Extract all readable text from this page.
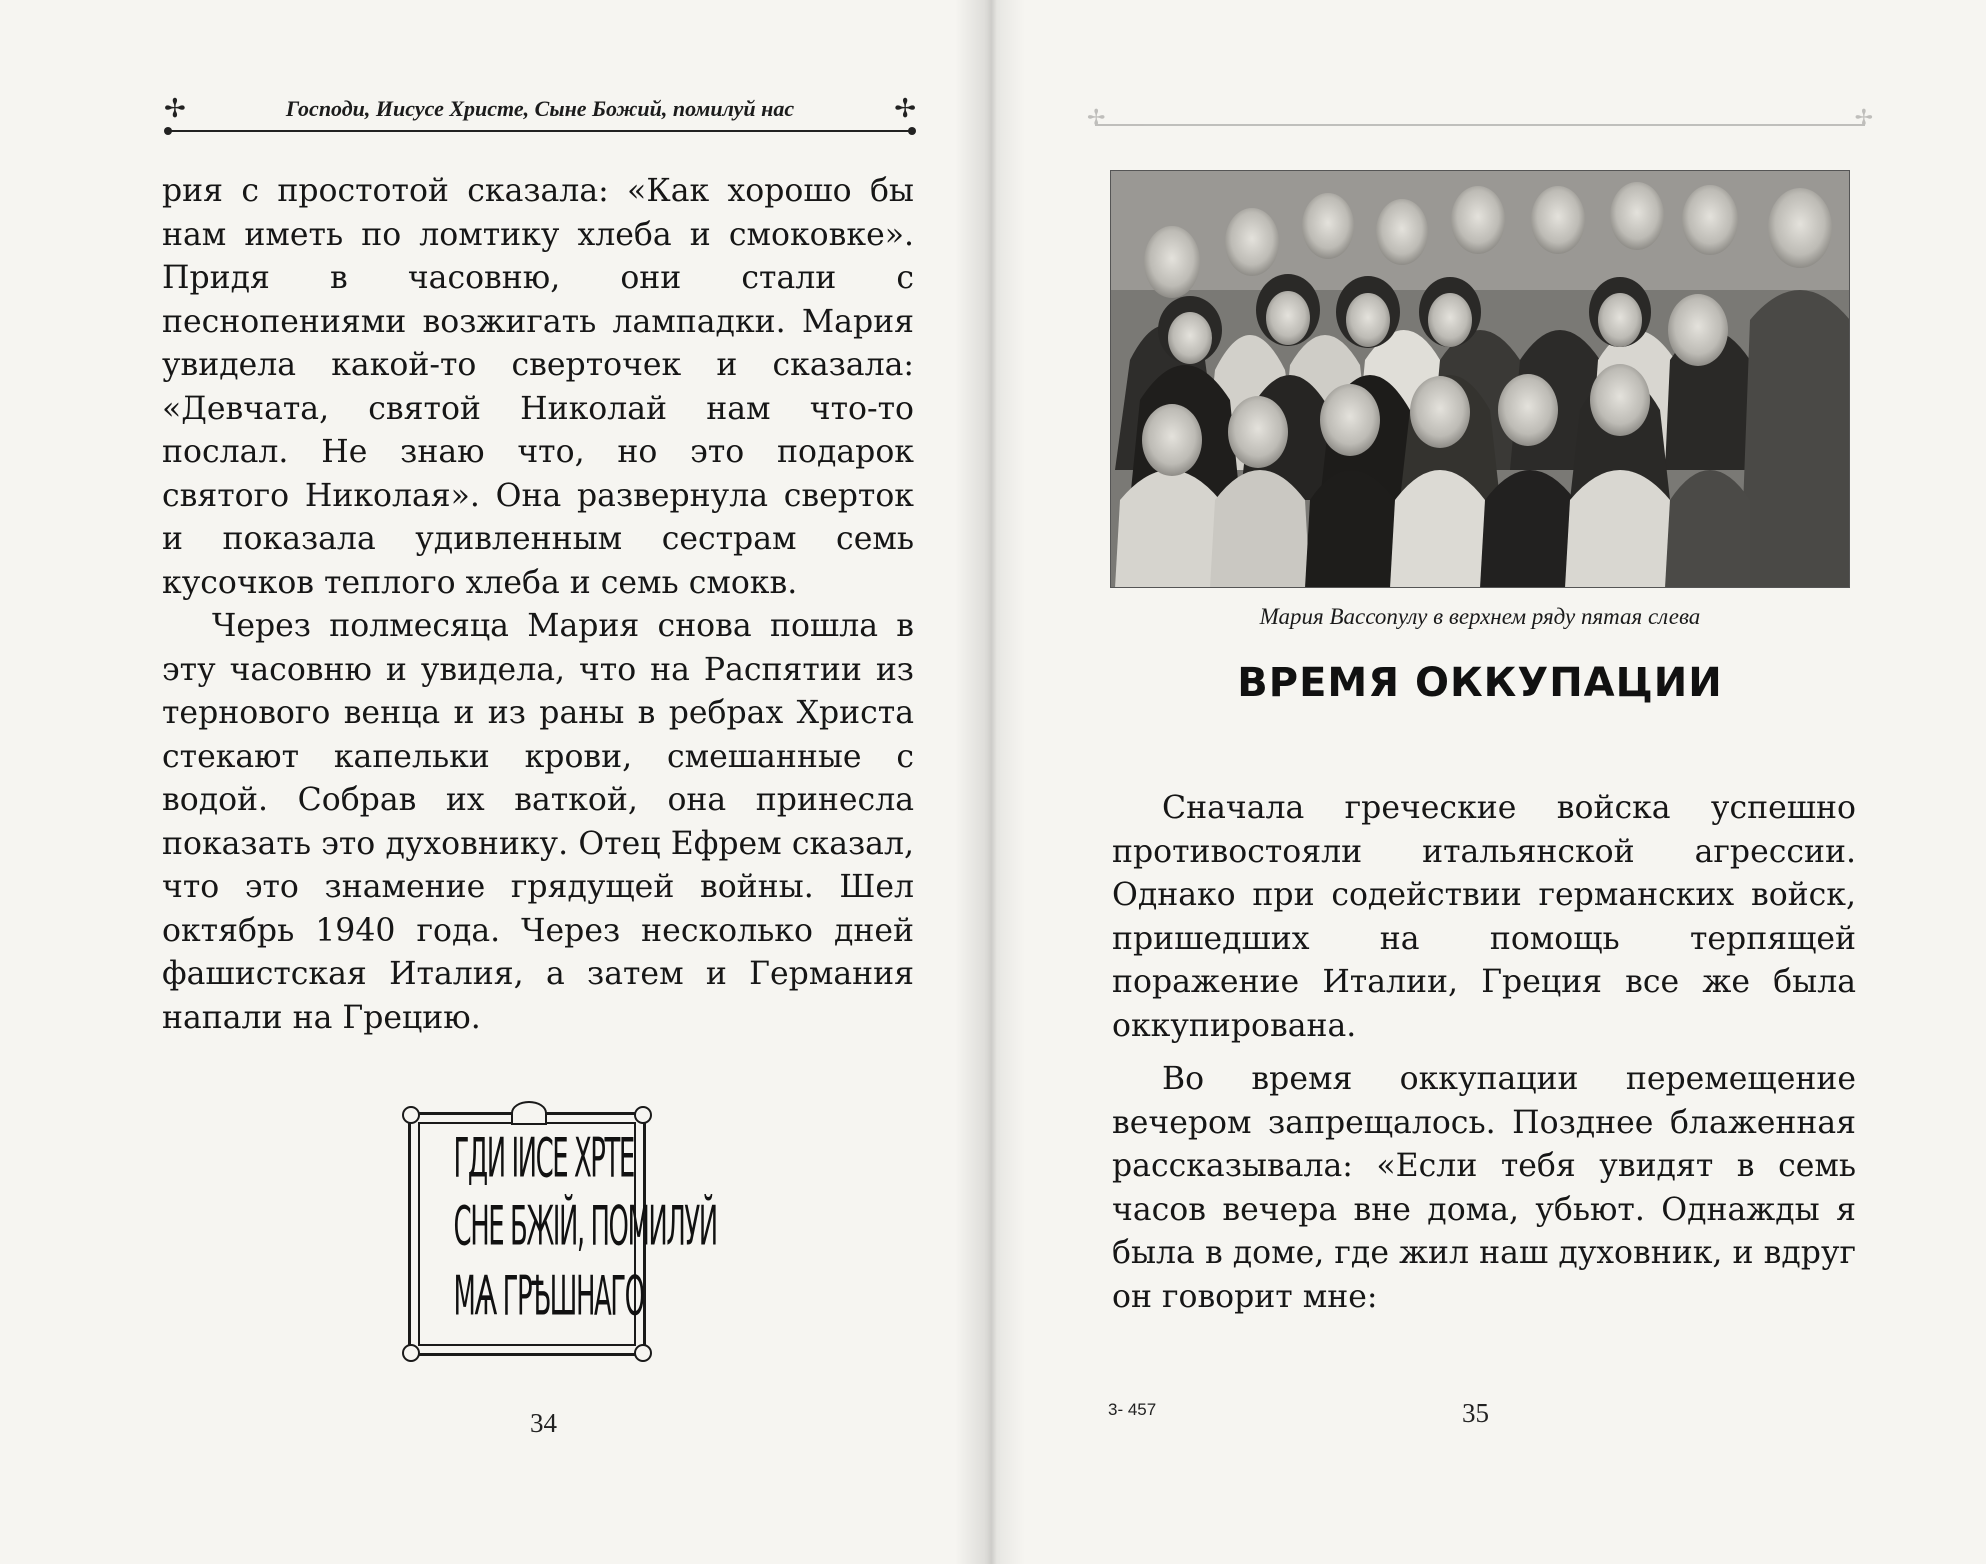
✢	Господи, Иисусе Христе, Сыне Божий, помилуй нас	✢

рия с простотой сказала: «Как хорошо бы нам иметь по ломтику хлеба и смоковке». Придя в часовню, они стали с песнопениями возжигать лампадки. Мария увидела какой-то сверточек и сказала: «Девчата, святой Николай нам что-то послал. Не знаю что, но это подарок святого Николая». Она развернула сверток и показала удивленным сестрам семь кусочков теплого хлеба и семь смокв.

Через полмесяца Мария снова пошла в эту часовню и увидела, что на Распятии из тернового венца и из раны в ребрах Христа стекают капельки крови, смешанные с водой. Собрав их ваткой, она принесла показать это духовнику. Отец Ефрем сказал, что это знамение грядущей войны. Шел октябрь 1940 года. Через несколько дней фашистская Италия, а затем и Германия напали на Грецию.

ГДИ ІИСЕ ХРТЕ
СНЕ БЖІЙ, ПОМИЛУЙ
МѦ ГРѢШНАГО
34
✢	✢
Мария Вассопулу в верхнем ряду пятая слева
ВРЕМЯ ОККУПАЦИИ

Сначала греческие войска успешно противостояли итальянской агрессии. Однако при содействии германских войск, пришедших на помощь терпящей поражение Италии, Греция все же была оккупирована.

Во время оккупации перемещение вечером запрещалось. Позднее блаженная рассказывала: «Если тебя увидят в семь часов вечера вне дома, убьют. Однажды я была в доме, где жил наш духовник, и вдруг он говорит мне:

3- 457	35
